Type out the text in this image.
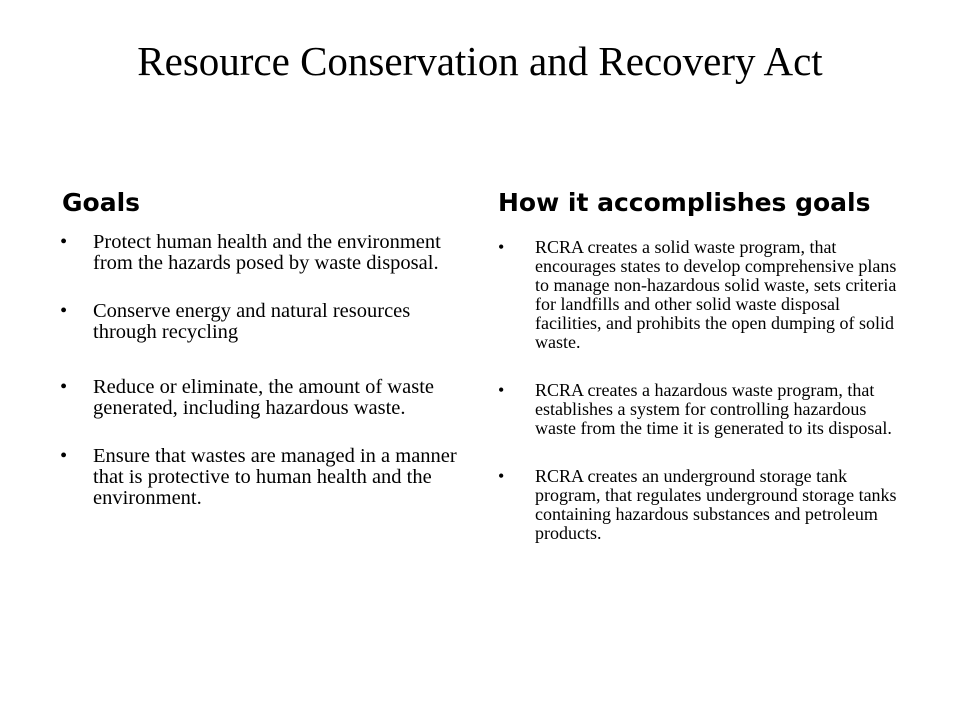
Resource Conservation and Recovery Act
Goals
• Protect human health and the environment from the hazards posed by waste disposal.
• Conserve energy and natural resources through recycling
• Reduce or eliminate, the amount of waste generated, including hazardous waste.
• Ensure that wastes are managed in a manner that is protective to human health and the environment.
How it accomplishes goals
• RCRA creates a solid waste program, that encourages states to develop comprehensive plans to manage non-hazardous solid waste, sets criteria for landfills and other solid waste disposal facilities, and prohibits the open dumping of solid waste.
• RCRA creates a hazardous waste program, that establishes a system for controlling hazardous waste from the time it is generated to its disposal.
• RCRA creates an underground storage tank program, that regulates underground storage tanks containing hazardous substances and petroleum products.
